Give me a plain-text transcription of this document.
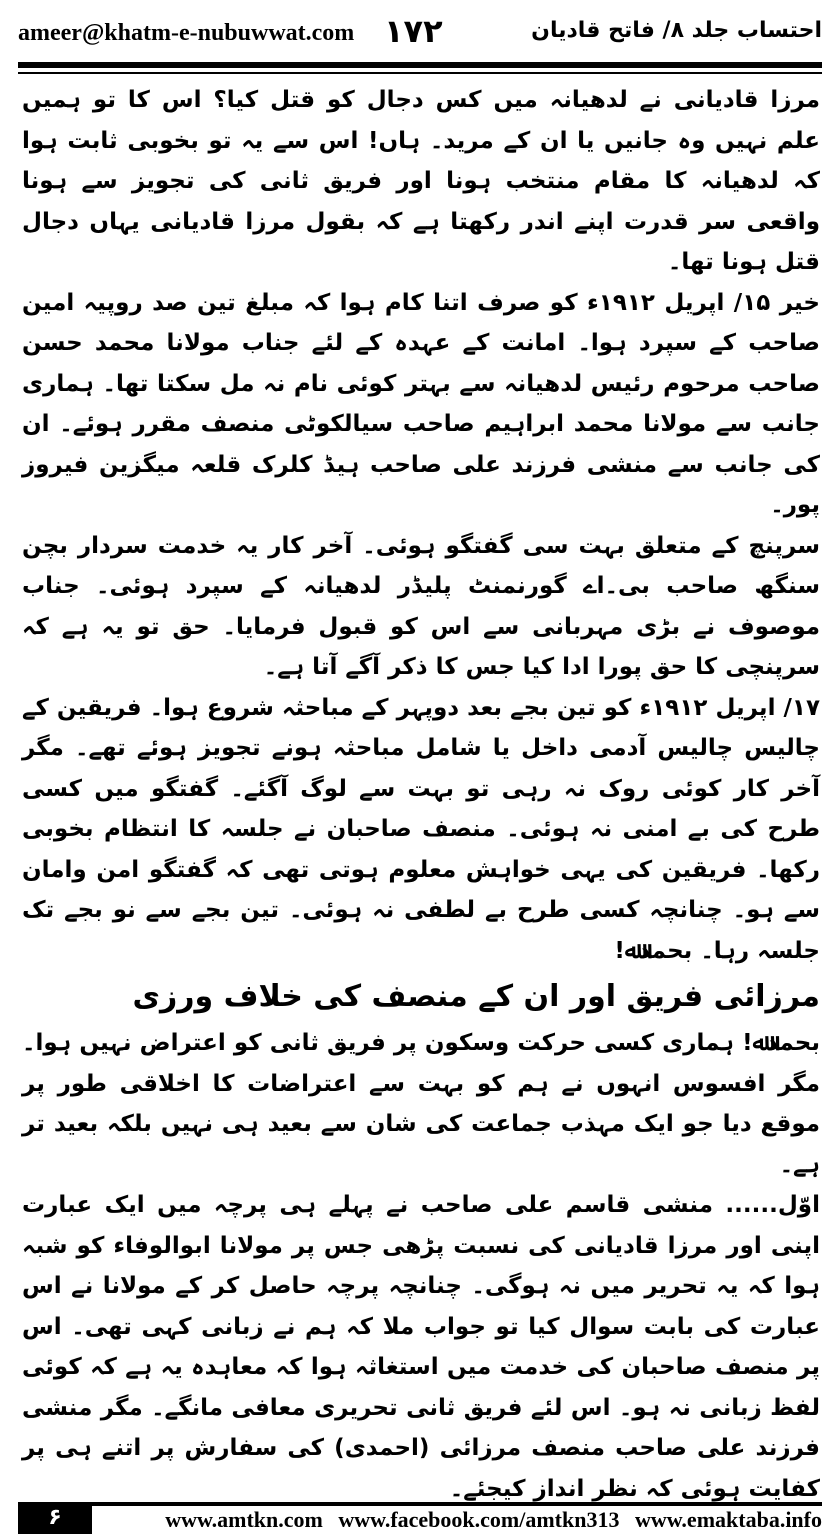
ameer@khatm-e-nubuwwat.com ۱۷۲	احتساب جلد ۸/ فاتح قادیان

مرزا قادیانی نے لدھیانہ میں کس دجال کو قتل کیا؟ اس کا تو ہمیں علم نہیں وہ جانیں یا ان کے مرید۔ ہاں! اس سے یہ تو بخوبی ثابت ہوا کہ لدھیانہ کا مقام منتخب ہونا اور فریق ثانی کی تجویز سے ہونا واقعی سر قدرت اپنے اندر رکھتا ہے کہ بقول مرزا قادیانی یہاں دجال قتل ہونا تھا۔

خیر ۱۵/ اپریل ۱۹۱۲ء کو صرف اتنا کام ہوا کہ مبلغ تین صد روپیہ امین صاحب کے سپرد ہوا۔ امانت کے عہدہ کے لئے جناب مولانا محمد حسن صاحب مرحوم رئیس لدھیانہ سے بہتر کوئی نام نہ مل سکتا تھا۔ ہماری جانب سے مولانا محمد ابراہیم صاحب سیالکوٹی منصف مقرر ہوئے۔ ان کی جانب سے منشی فرزند علی صاحب ہیڈ کلرک قلعہ میگزین فیروز پور۔

سرپنچ کے متعلق بہت سی گفتگو ہوئی۔ آخر کار یہ خدمت سردار بچن سنگھ صاحب بی۔اے گورنمنٹ پلیڈر لدھیانہ کے سپرد ہوئی۔ جناب موصوف نے بڑی مہربانی سے اس کو قبول فرمایا۔ حق تو یہ ہے کہ سرپنچی کا حق پورا ادا کیا جس کا ذکر آگے آتا ہے۔

۱۷/ اپریل ۱۹۱۲ء کو تین بجے بعد دوپہر کے مباحثہ شروع ہوا۔ فریقین کے چالیس چالیس آدمی داخل یا شامل مباحثہ ہونے تجویز ہوئے تھے۔ مگر آخر کار کوئی روک نہ رہی تو بہت سے لوگ آگئے۔ گفتگو میں کسی طرح کی بے امنی نہ ہوئی۔ منصف صاحبان نے جلسہ کا انتظام بخوبی رکھا۔ فریقین کی یہی خواہش معلوم ہوتی تھی کہ گفتگو امن وامان سے ہو۔ چنانچہ کسی طرح بے لطفی نہ ہوئی۔ تین بجے سے نو بجے تک جلسہ رہا۔ بحمدﷲ!

مرزائی فریق اور ان کے منصف کی خلاف ورزی

بحمدﷲ! ہماری کسی حرکت وسکون پر فریق ثانی کو اعتراض نہیں ہوا۔ مگر افسوس انہوں نے ہم کو بہت سے اعتراضات کا اخلاقی طور پر موقع دیا جو ایک مہذب جماعت کی شان سے بعید ہی نہیں بلکہ بعید تر ہے۔

اوّل...... منشی قاسم علی صاحب نے پہلے ہی پرچہ میں ایک عبارت اپنی اور مرزا قادیانی کی نسبت پڑھی جس پر مولانا ابوالوفاء کو شبہ ہوا کہ یہ تحریر میں نہ ہوگی۔ چنانچہ پرچہ حاصل کر کے مولانا نے اس عبارت کی بابت سوال کیا تو جواب ملا کہ ہم نے زبانی کہی تھی۔ اس پر منصف صاحبان کی خدمت میں استغاثہ ہوا کہ معاہدہ یہ ہے کہ کوئی لفظ زبانی نہ ہو۔ اس لئے فریق ثانی تحریری معافی مانگے۔ مگر منشی فرزند علی صاحب منصف مرزائی (احمدی) کی سفارش پر اتنے ہی پر کفایت ہوئی کہ نظر انداز کیجئے۔

۶	www.amtkn.com www.facebook.com/amtkn313 www.emaktaba.info
